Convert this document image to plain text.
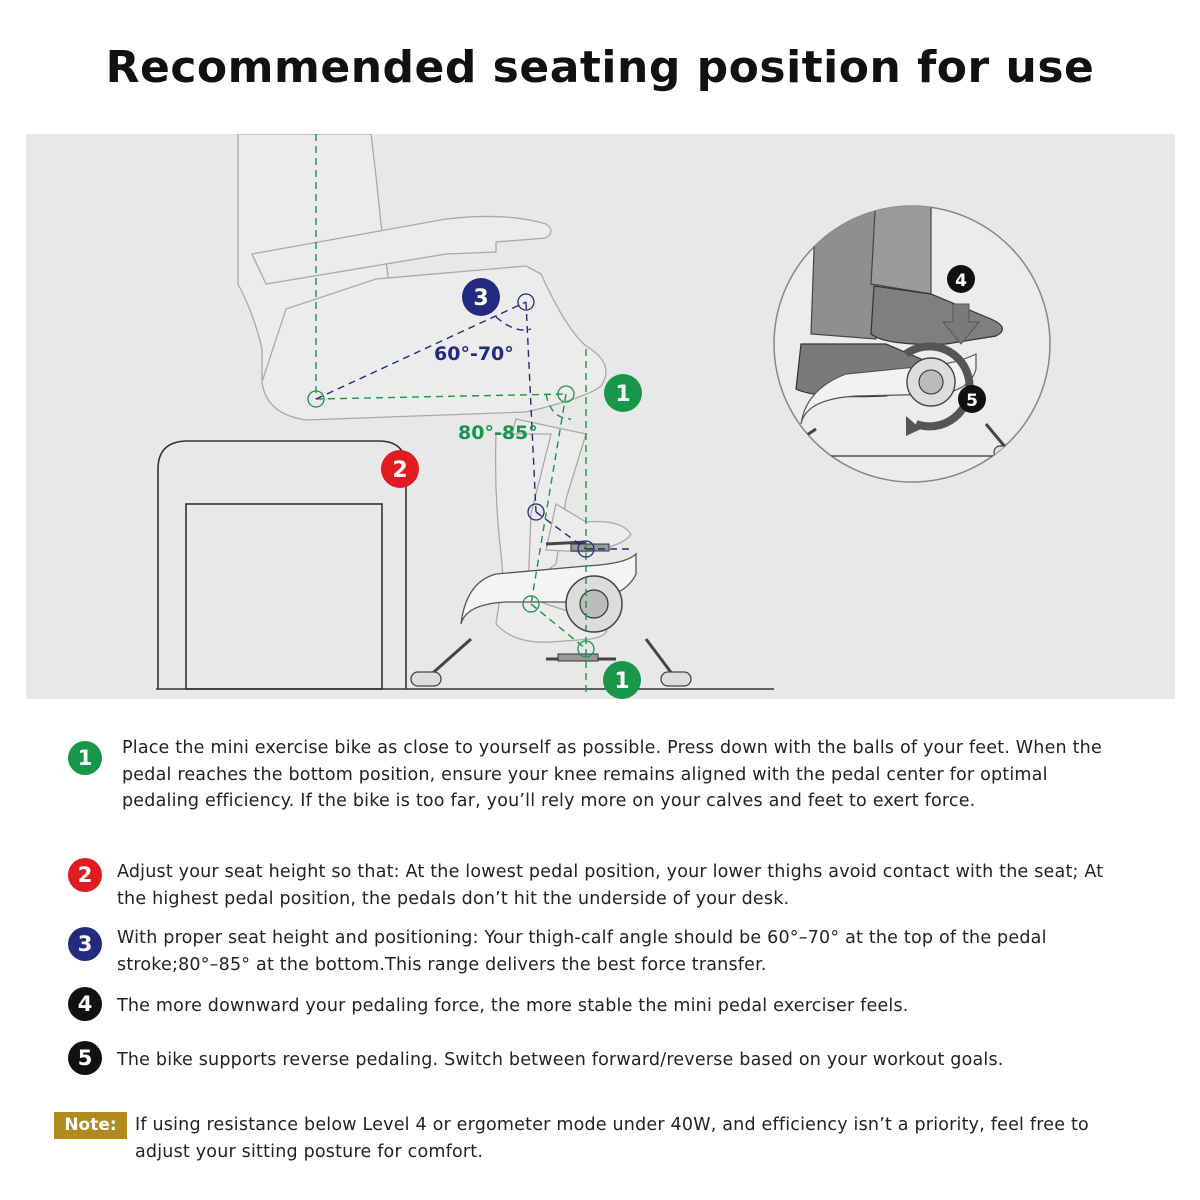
Recommended seating position for use
60°-70°
80°-85°
3
1
2
1
4
5
1	Place the mini exercise bike as close to yourself as possible. Press down with the balls of your feet. When the pedal reaches the bottom position, ensure your knee remains aligned with the pedal center for optimal pedaling efficiency. If the bike is too far, you’ll rely more on your calves and feet to exert force.
2	Adjust your seat height so that: At the lowest pedal position, your lower thighs avoid contact with the seat; At the highest pedal position, the pedals don’t hit the underside of your desk.
3	With proper seat height and positioning: Your thigh-calf angle should be 60°–70° at the top of the pedal stroke;80°–85° at the bottom.This range delivers the best force transfer.
4	The more downward your pedaling force, the more stable the mini pedal exerciser feels.
5	The bike supports reverse pedaling. Switch between forward/reverse based on your workout goals.
Note:	If using resistance below Level 4 or ergometer mode under 40W, and efficiency isn’t a priority, feel free to adjust your sitting posture for comfort.
